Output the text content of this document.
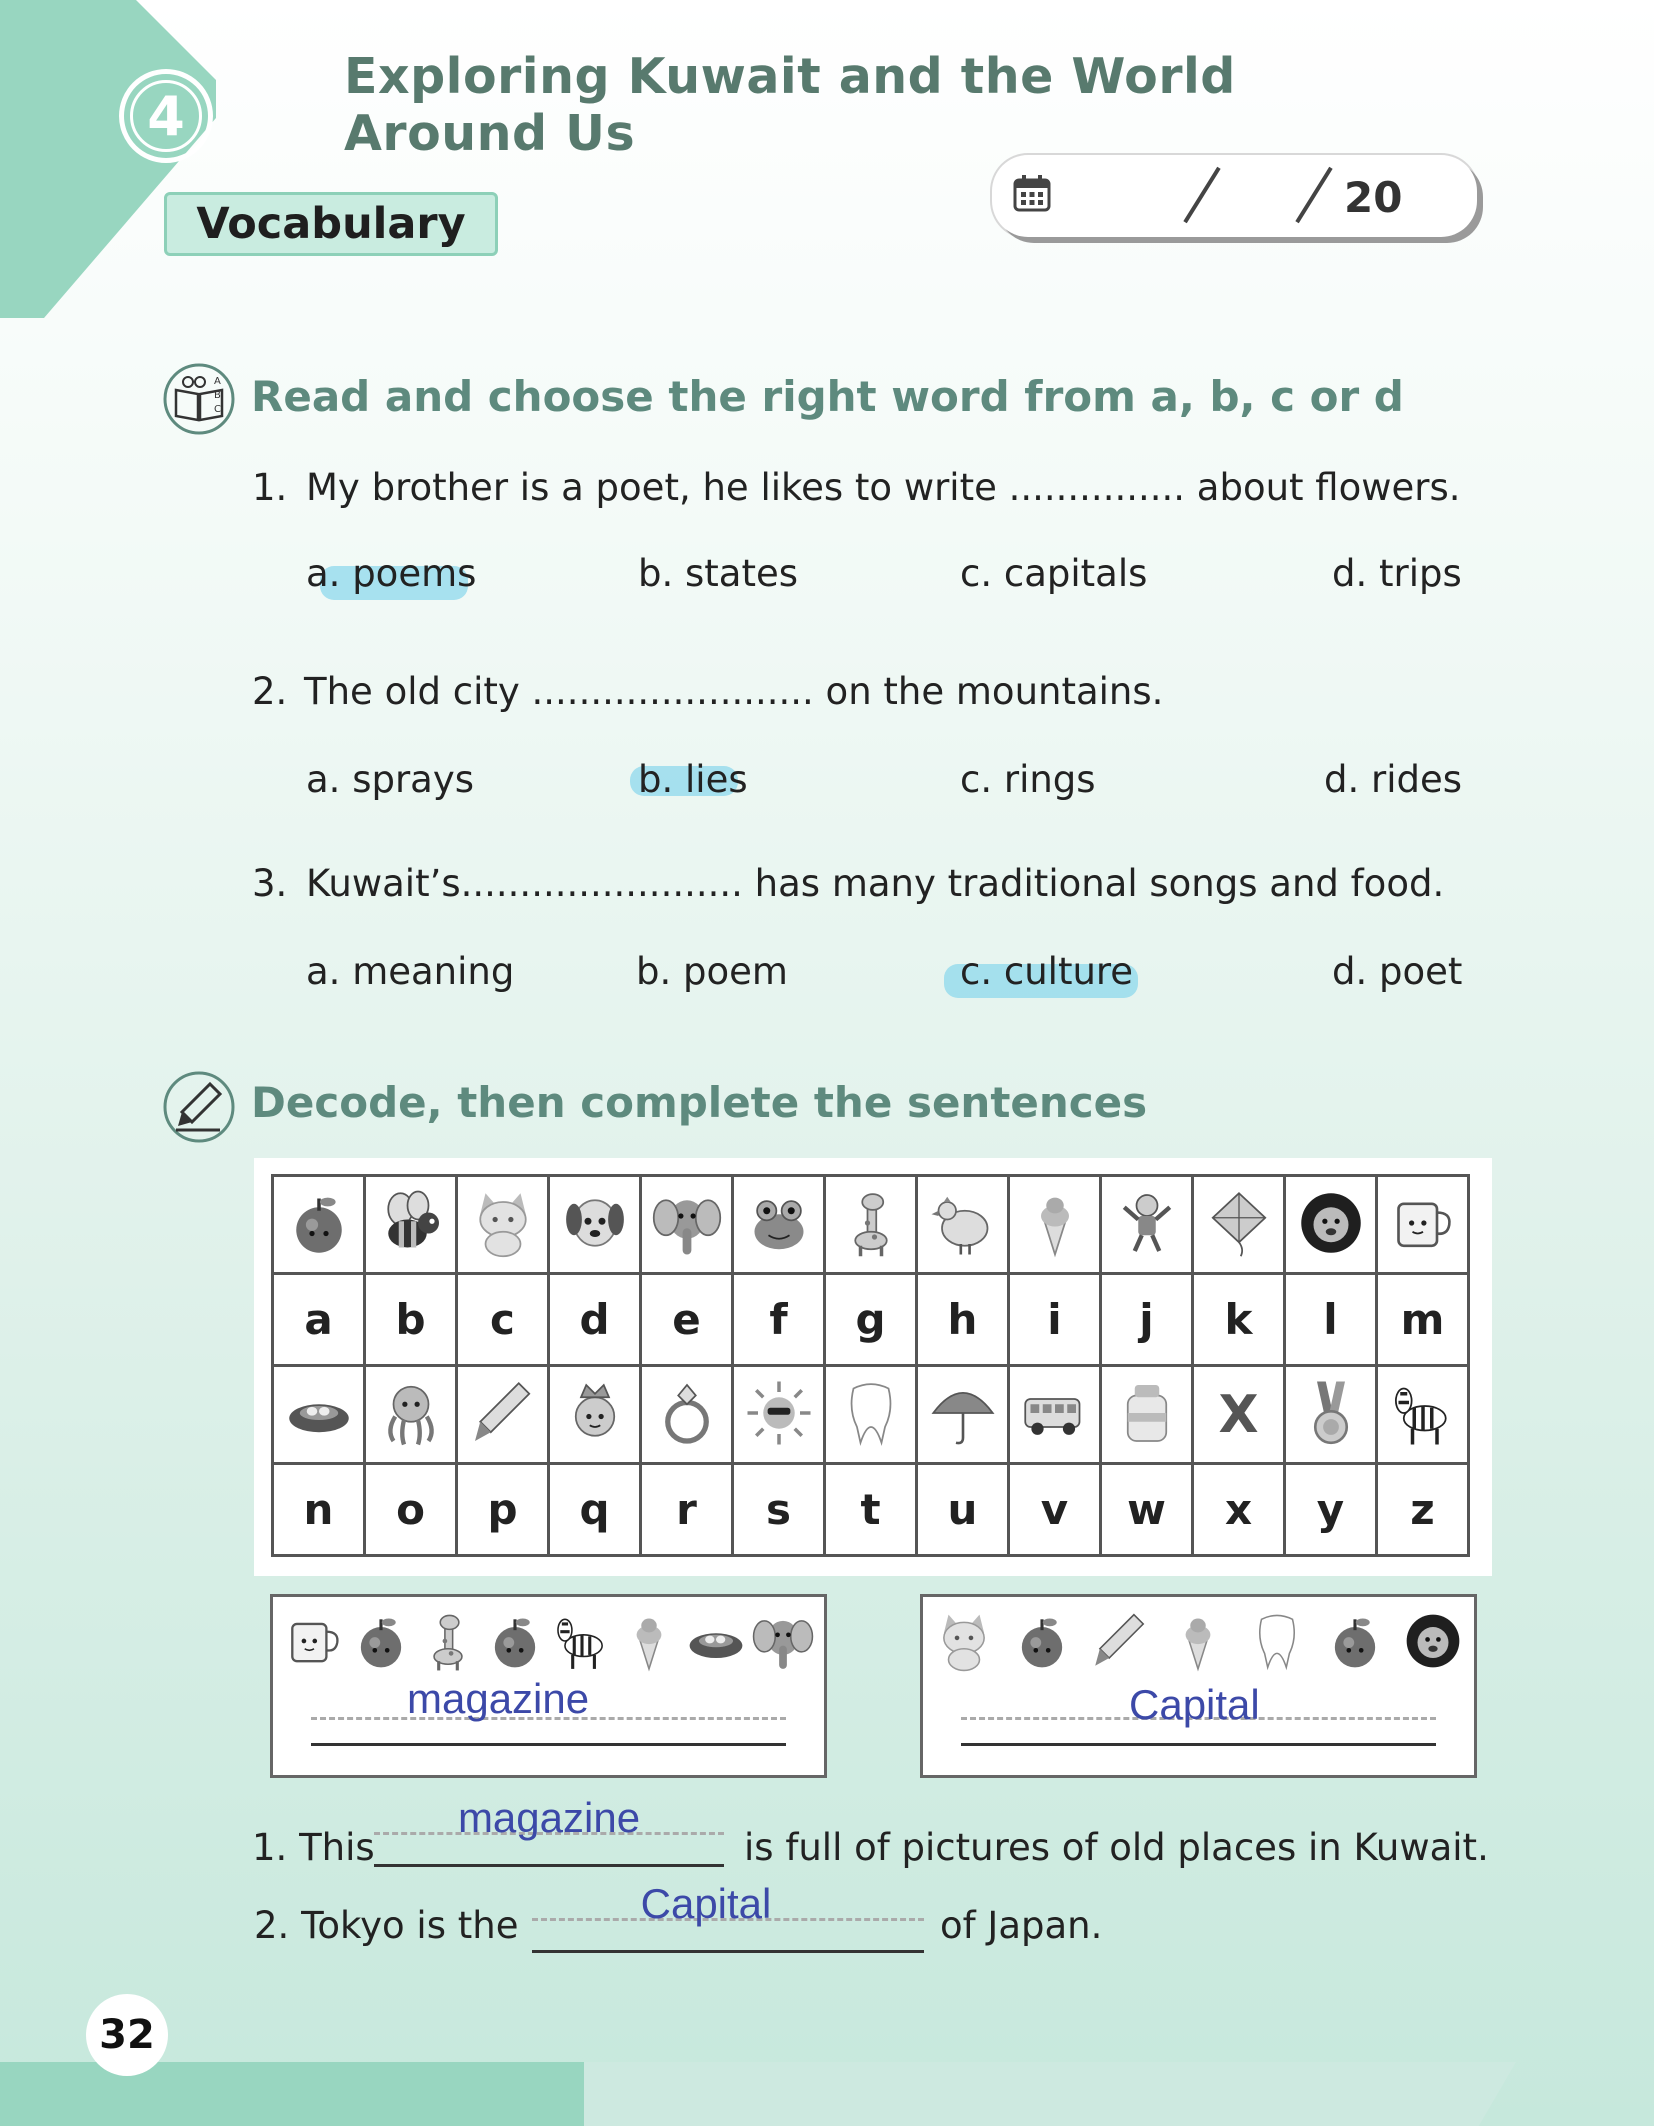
4
Exploring Kuwait and the World Around Us
Vocabulary
20
A
B
C Read and choose the right word from a, b, c or d
1. My brother is a poet, he likes to write ............... about flowers.
a. poems	b. states	c. capitals	d. trips
2. The old city ........................ on the mountains.
a. sprays	b. lies	c. rings	d. rides
3. Kuwait’s........................ has many traditional songs and food.
a. meaning	b. poem	c. culture	d. poet
Decode, then complete the sentences

a	b	c	d	e	f	g	h	i	j	k	l	m
										X		
n	o	p	q	r	s	t	u	v	w	x	y	z
magazine	Capital
1. This
magazine
is full of pictures of old places in Kuwait.
2. Tokyo is the	Capital	of Japan.
32
